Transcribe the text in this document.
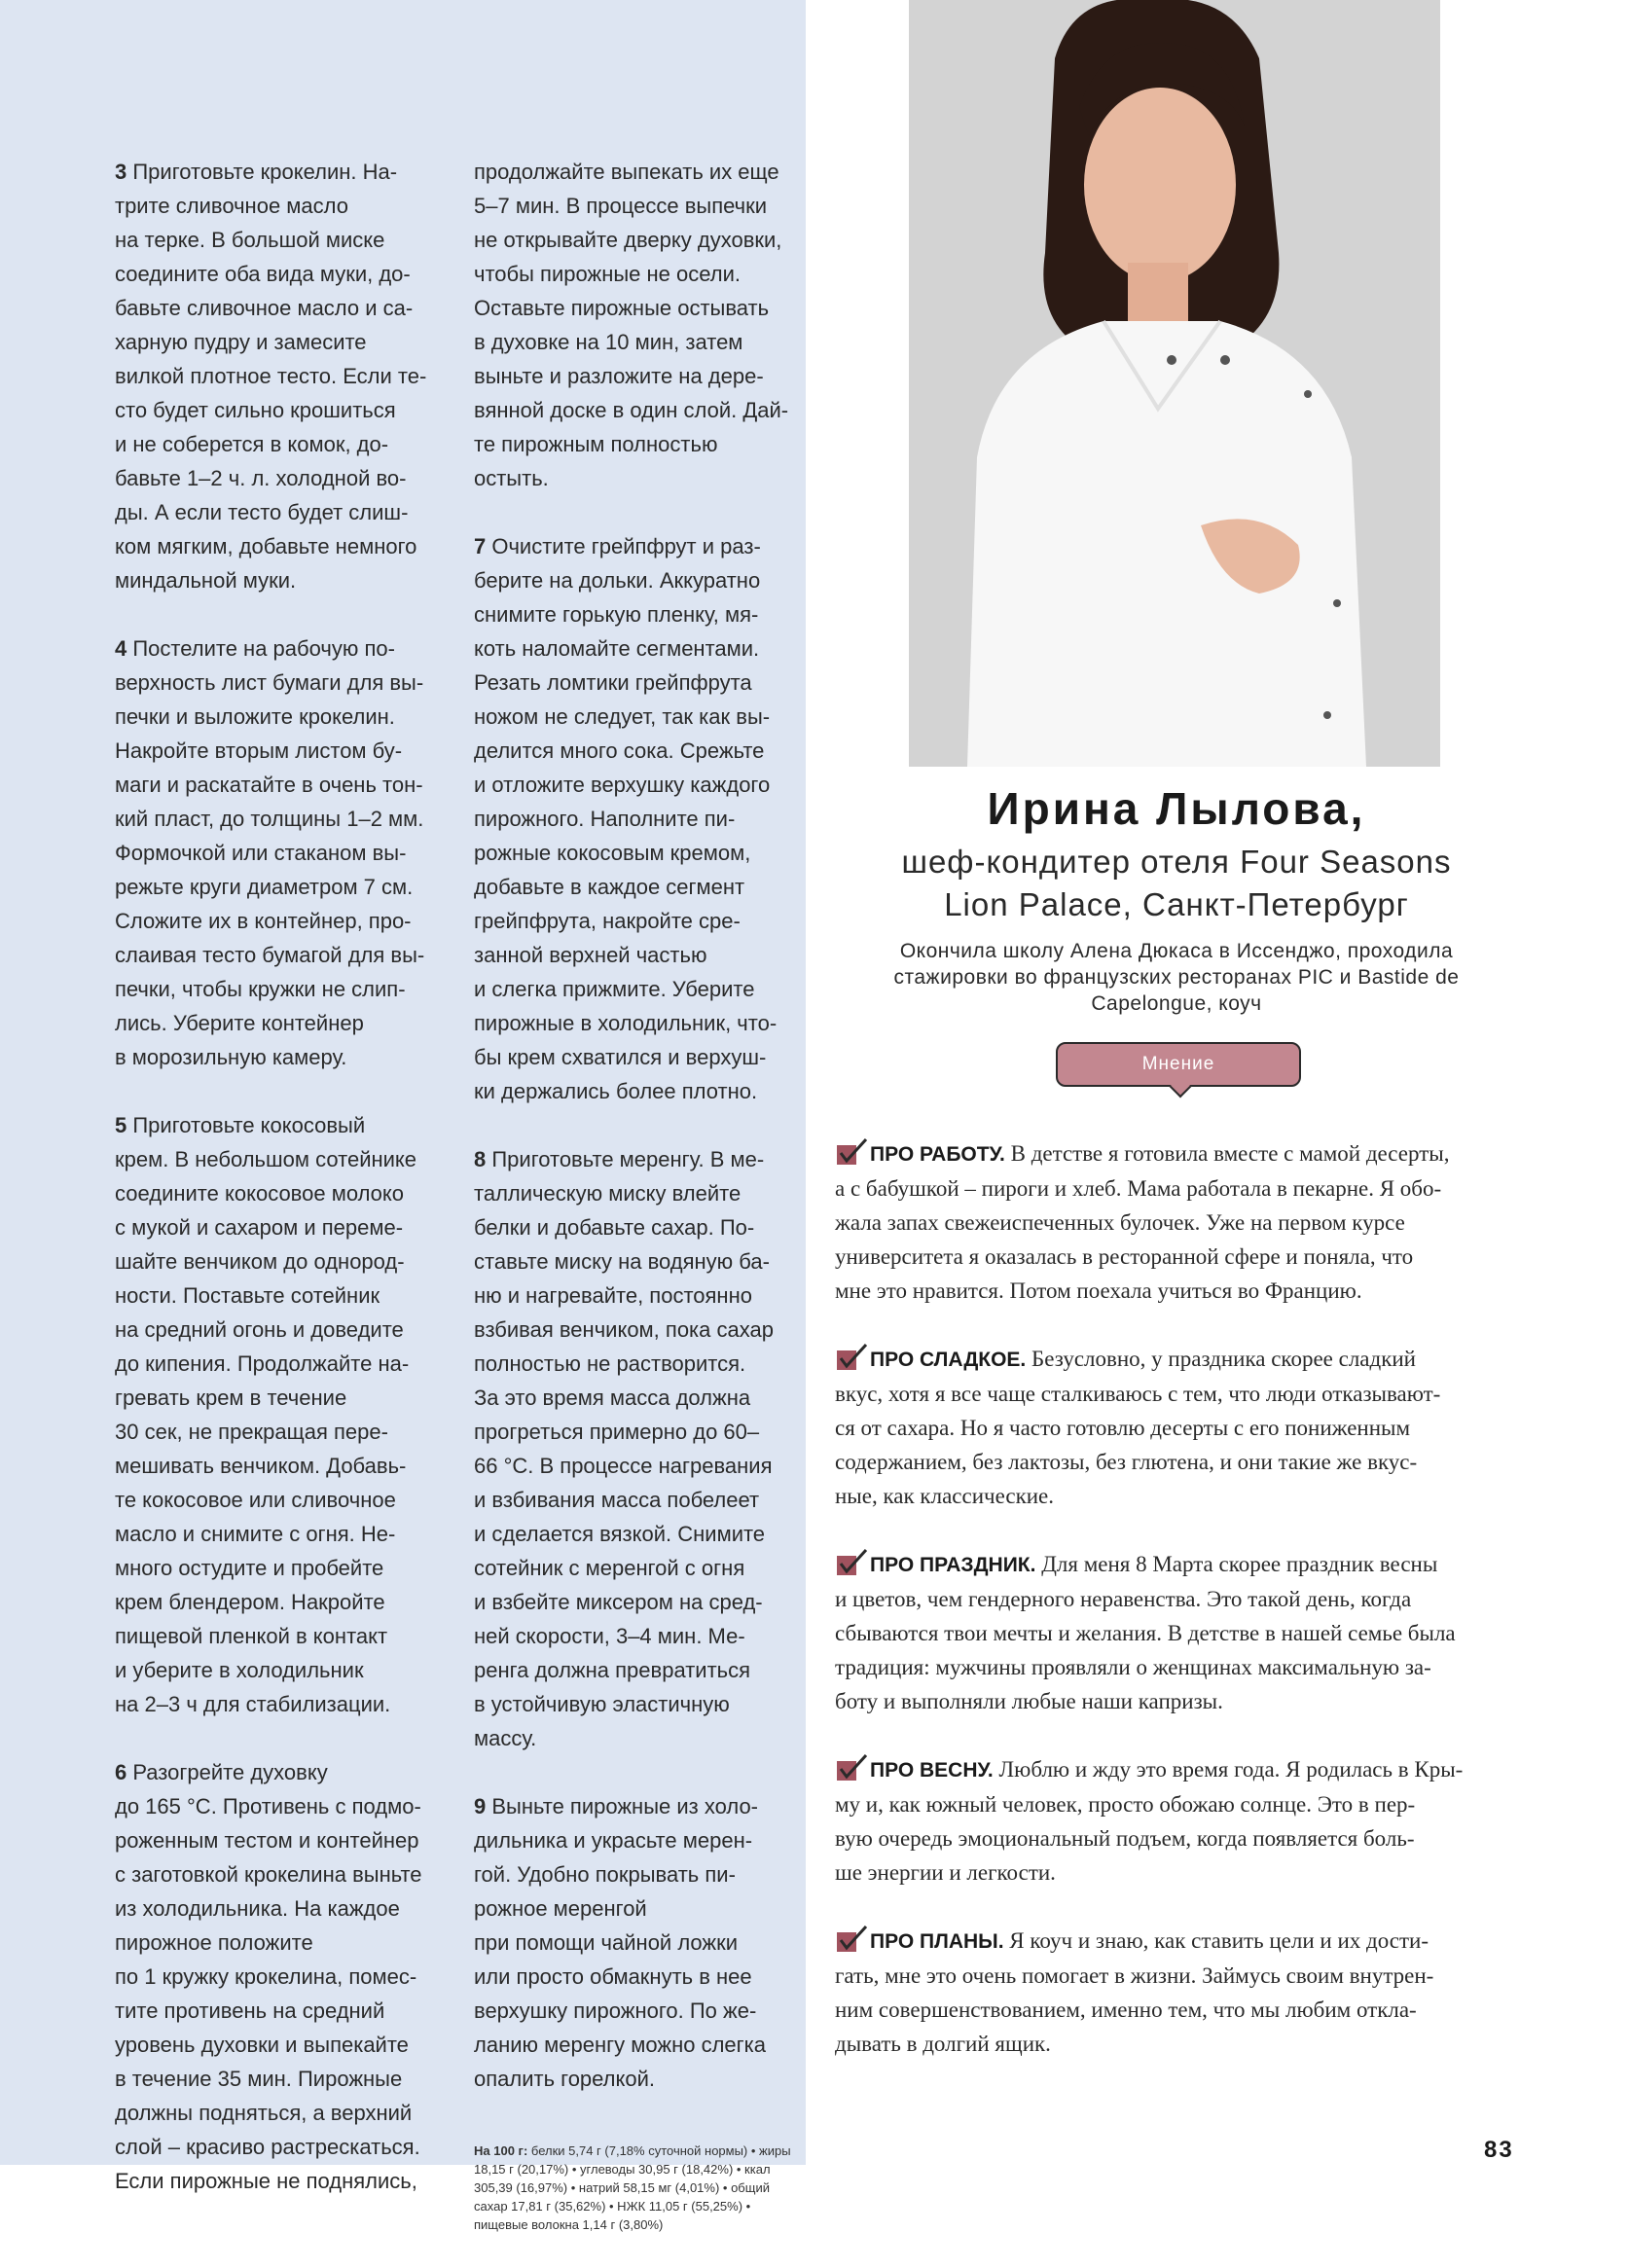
3 Приготовьте крокелин. На-
трите сливочное масло
на терке. В большой миске
соедините оба вида муки, до-
бавьте сливочное масло и са-
харную пудру и замесите
вилкой плотное тесто. Если те-
сто будет сильно крошиться
и не соберется в комок, до-
бавьте 1–2 ч. л. холодной во-
ды. А если тесто будет слиш-
ком мягким, добавьте немного
миндальной муки.

4 Постелите на рабочую по-
верхность лист бумаги для вы-
печки и выложите крокелин.
Накройте вторым листом бу-
маги и раскатайте в очень тон-
кий пласт, до толщины 1–2 мм.
Формочкой или стаканом вы-
режьте круги диаметром 7 см.
Сложите их в контейнер, про-
слаивая тесто бумагой для вы-
печки, чтобы кружки не слип-
лись. Уберите контейнер
в морозильную камеру.

5 Приготовьте кокосовый
крем. В небольшом сотейнике
соедините кокосовое молоко
с мукой и сахаром и переме-
шайте венчиком до однород-
ности. Поставьте сотейник
на средний огонь и доведите
до кипения. Продолжайте на-
гревать крем в течение
30 сек, не прекращая пере-
мешивать венчиком. Добавь-
те кокосовое или сливочное
масло и снимите с огня. Не-
много остудите и пробейте
крем блендером. Накройте
пищевой пленкой в контакт
и уберите в холодильник
на 2–3 ч для стабилизации.

6 Разогрейте духовку
до 165 °С. Противень с подмо-
роженным тестом и контейнер
с заготовкой крокелина выньте
из холодильника. На каждое
пирожное положите
по 1 кружку крокелина, помес-
тите противень на средний
уровень духовки и выпекайте
в течение 35 мин. Пирожные
должны подняться, а верхний
слой – красиво растрескаться.
Если пирожные не поднялись,

продолжайте выпекать их еще
5–7 мин. В процессе выпечки
не открывайте дверку духовки,
чтобы пирожные не осели.
Оставьте пирожные остывать
в духовке на 10 мин, затем
выньте и разложите на дере-
вянной доске в один слой. Дай-
те пирожным полностью
остыть.

7 Очистите грейпфрут и раз-
берите на дольки. Аккуратно
снимите горькую пленку, мя-
коть наломайте сегментами.
Резать ломтики грейпфрута
ножом не следует, так как вы-
делится много сока. Срежьте
и отложите верхушку каждого
пирожного. Наполните пи-
рожные кокосовым кремом,
добавьте в каждое сегмент
грейпфрута, накройте сре-
занной верхней частью
и слегка прижмите. Уберите
пирожные в холодильник, что-
бы крем схватился и верхуш-
ки держались более плотно.

8 Приготовьте меренгу. В ме-
таллическую миску влейте
белки и добавьте сахар. По-
ставьте миску на водяную ба-
ню и нагревайте, постоянно
взбивая венчиком, пока сахар
полностью не растворится.
За это время масса должна
прогреться примерно до 60–
66 °С. В процессе нагревания
и взбивания масса побелеет
и сделается вязкой. Снимите
сотейник с меренгой с огня
и взбейте миксером на сред-
ней скорости, 3–4 мин. Ме-
ренга должна превратиться
в устойчивую эластичную
массу.

9 Выньте пирожные из холо-
дильника и украсьте мерен-
гой. Удобно покрывать пи-
рожное меренгой
при помощи чайной ложки
или просто обмакнуть в нее
верхушку пирожного. По же-
ланию меренгу можно слегка
опалить горелкой.

На 100 г: белки 5,74 г (7,18% суточной нормы) • жиры 18,15 г (20,17%) • углеводы 30,95 г (18,42%) • ккал 305,39 (16,97%) • натрий 58,15 мг (4,01%) • общий сахар 17,81 г (35,62%) • НЖК 11,05 г (55,25%) • пищевые волокна 1,14 г (3,80%)

Ирина Лылова,
шеф-кондитер отеля Four Seasons
Lion Palace, Санкт-Петербург
Окончила школу Алена Дюкаса в Иссенджо, проходила
стажировки во французских ресторанах PIC и Bastide de
Capelongue, коуч
Мнение
ПРО РАБОТУ. В детстве я готовила вместе с мамой десерты,
а с бабушкой – пироги и хлеб. Мама работала в пекарне. Я обо-
жала запах свежеиспеченных булочек. Уже на первом курсе
университета я оказалась в ресторанной сфере и поняла, что
мне это нравится. Потом поехала учиться во Францию.
ПРО СЛАДКОЕ. Безусловно, у праздника скорее сладкий
вкус, хотя я все чаще сталкиваюсь с тем, что люди отказывают-
ся от сахара. Но я часто готовлю десерты с его пониженным
содержанием, без лактозы, без глютена, и они такие же вкус-
ные, как классические.
ПРО ПРАЗДНИК. Для меня 8 Марта скорее праздник весны
и цветов, чем гендерного неравенства. Это такой день, когда
сбываются твои мечты и желания. В детстве в нашей семье была
традиция: мужчины проявляли о женщинах максимальную за-
боту и выполняли любые наши капризы.
ПРО ВЕСНУ. Люблю и жду это время года. Я родилась в Кры-
му и, как южный человек, просто обожаю солнце. Это в пер-
вую очередь эмоциональный подъем, когда появляется боль-
ше энергии и легкости.
ПРО ПЛАНЫ. Я коуч и знаю, как ставить цели и их дости-
гать, мне это очень помогает в жизни. Займусь своим внутрен-
ним совершенствованием, именно тем, что мы любим откла-
дывать в долгий ящик.
83
